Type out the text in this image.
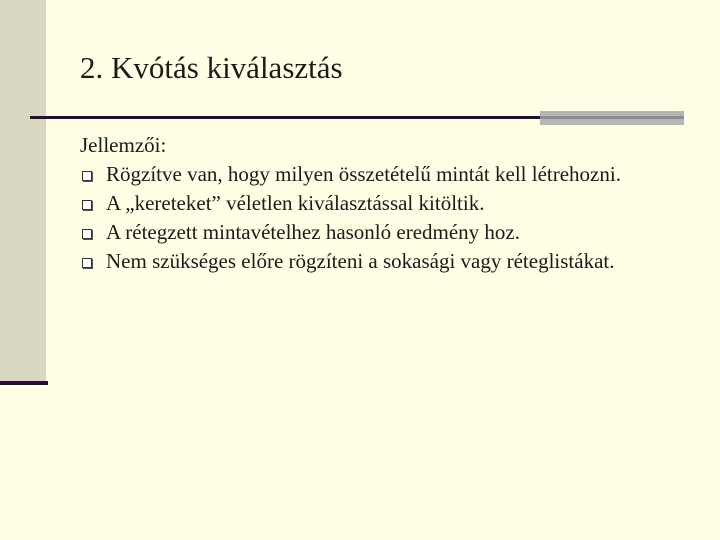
2. Kvótás kiválasztás

Jellemzői:

Rögzítve van, hogy milyen összetételű mintát kell létrehozni.
A „kereteket” véletlen kiválasztással kitöltik.
A rétegzett mintavételhez hasonló eredmény hoz.
Nem szükséges előre rögzíteni a sokasági vagy réteglistákat.
